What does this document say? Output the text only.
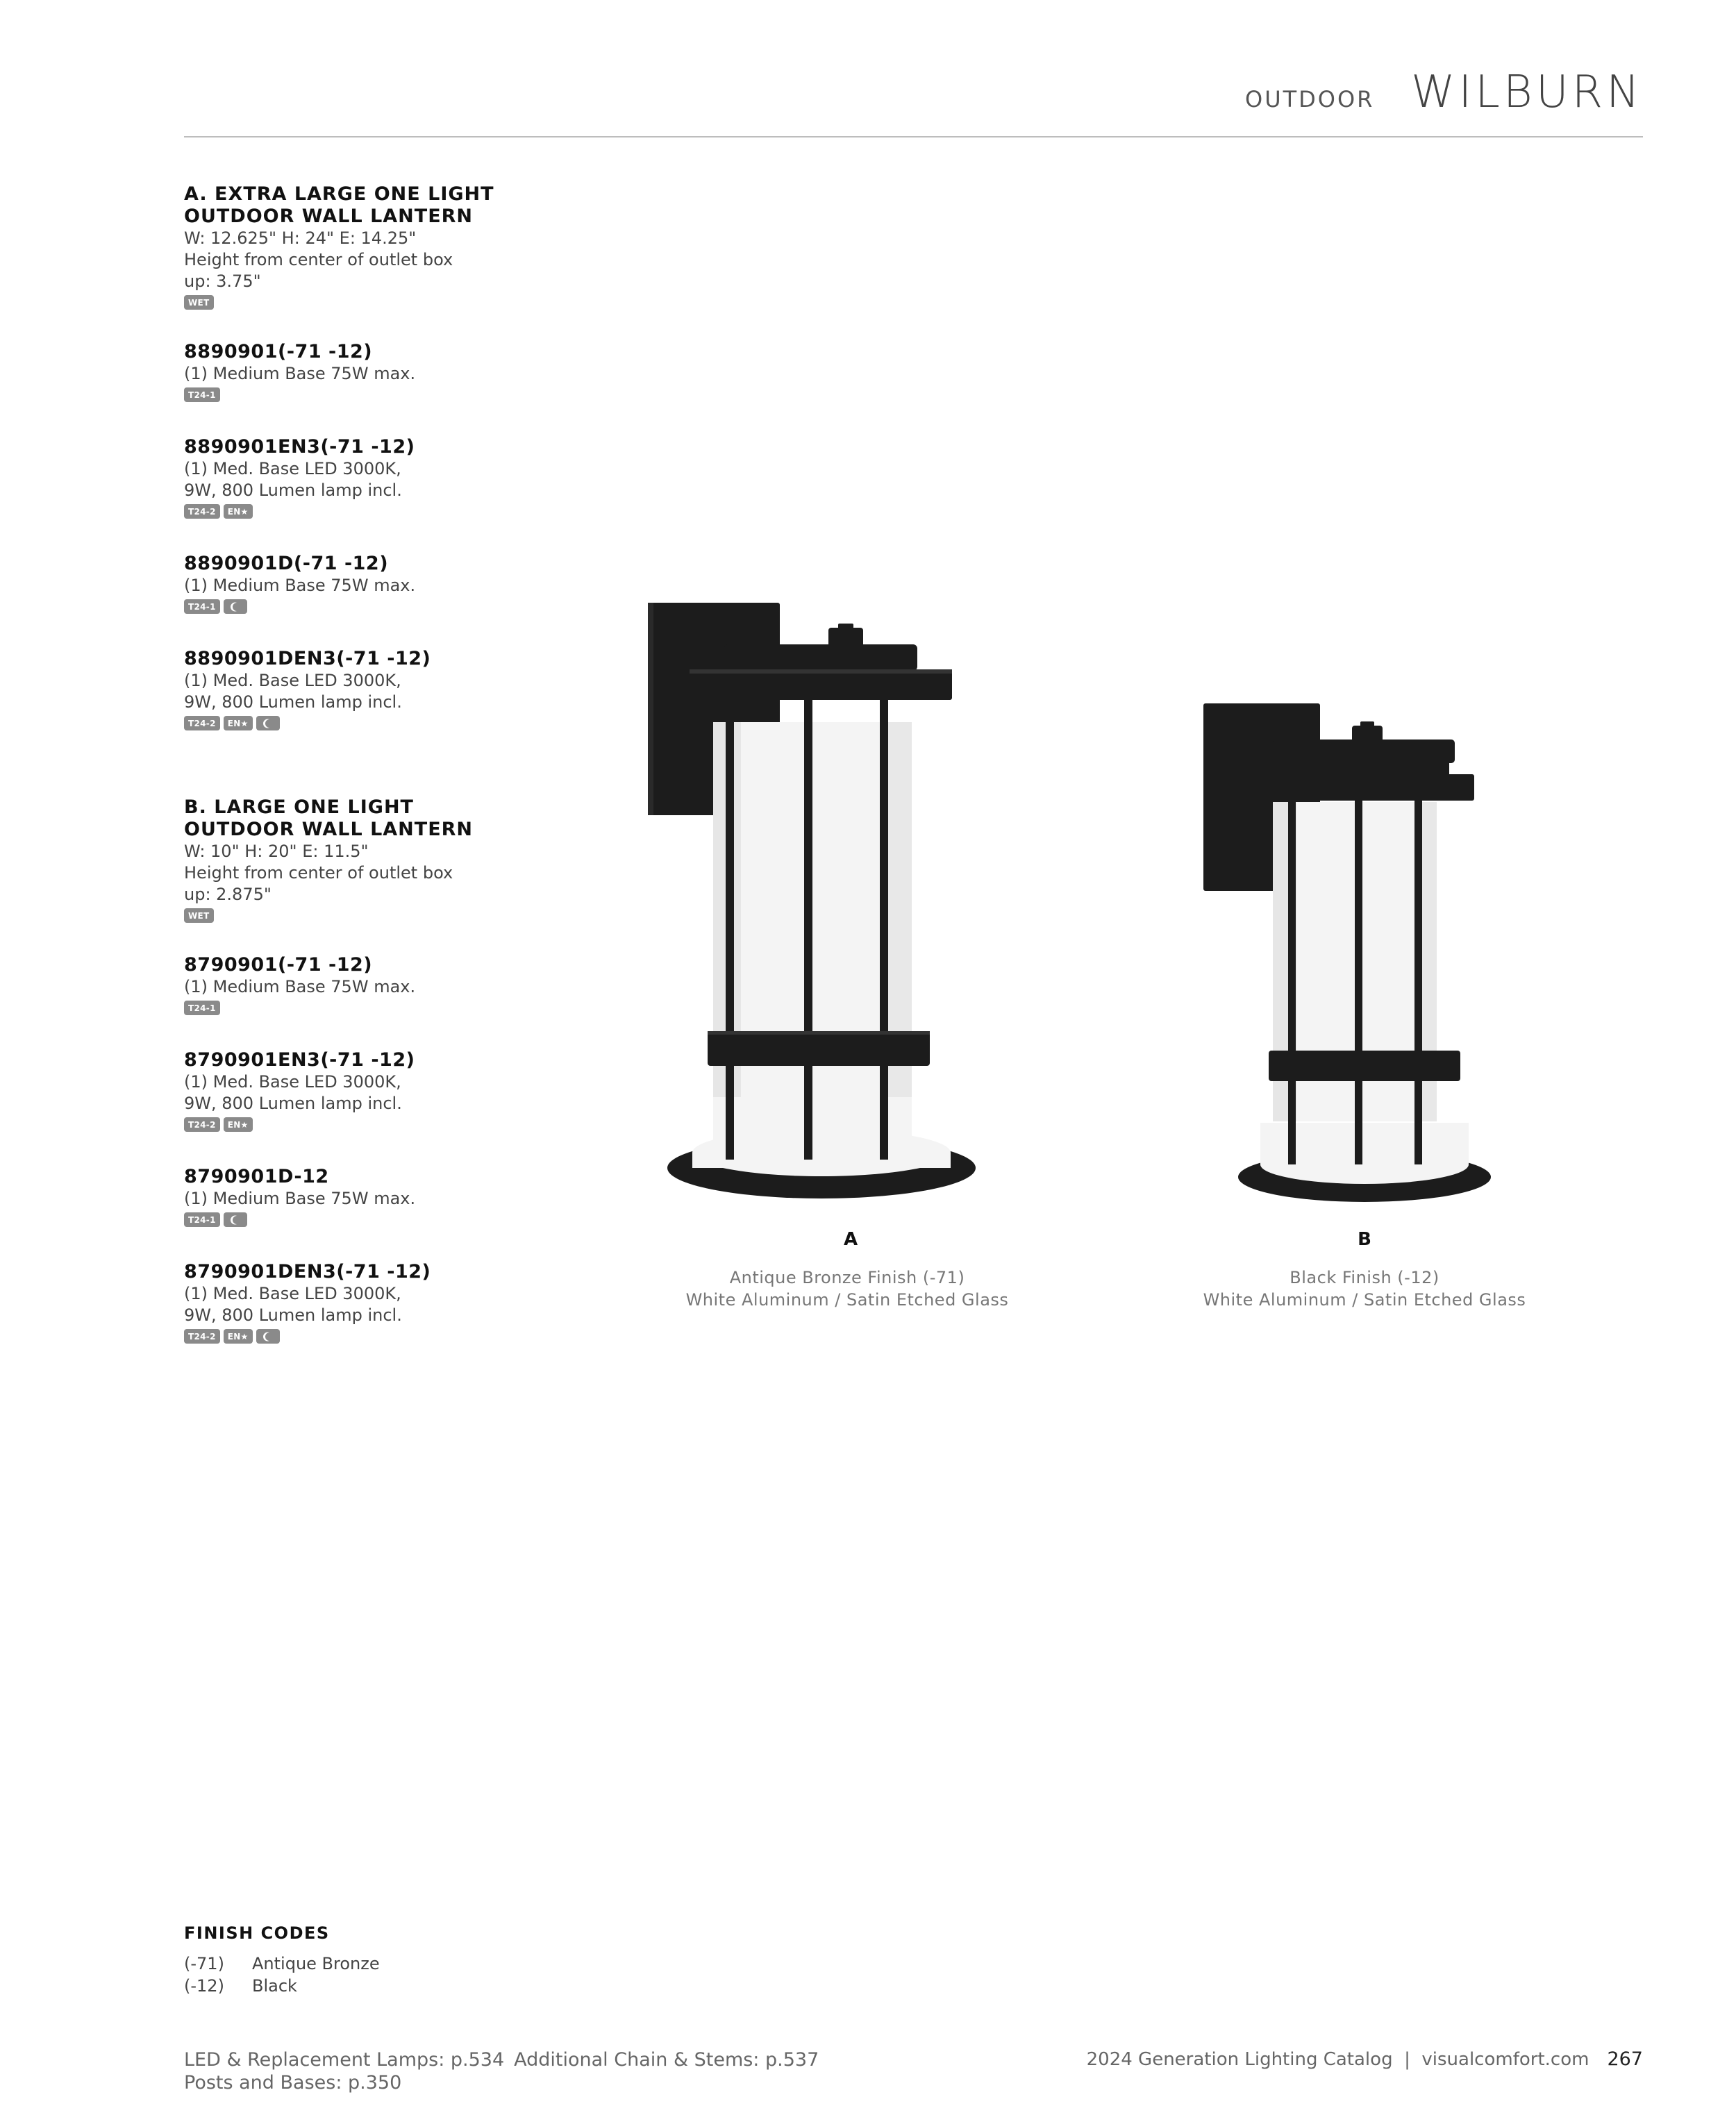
OUTDOOR WILBURN
A. EXTRA LARGE ONE LIGHT
OUTDOOR WALL LANTERN
W: 12.625" H: 24" E: 14.25"
Height from center of outlet box
up: 3.75"
WET
8890901(-71 -12)
(1) Medium Base 75W max.
T24-1
8890901EN3(-71 -12)
(1) Med. Base LED 3000K,
9W, 800 Lumen lamp incl.
T24-2	EN★
8890901D(-71 -12)
(1) Medium Base 75W max.
T24-1
8890901DEN3(-71 -12)
(1) Med. Base LED 3000K,
9W, 800 Lumen lamp incl.
T24-2	EN★
B. LARGE ONE LIGHT
OUTDOOR WALL LANTERN
W: 10" H: 20" E: 11.5"
Height from center of outlet box
up: 2.875"
WET
8790901(-71 -12)
(1) Medium Base 75W max.
T24-1
8790901EN3(-71 -12)
(1) Med. Base LED 3000K,
9W, 800 Lumen lamp incl.
T24-2	EN★
8790901D-12
(1) Medium Base 75W max.
T24-1
8790901DEN3(-71 -12)
(1) Med. Base LED 3000K,
9W, 800 Lumen lamp incl.
T24-2	EN★
A
Antique Bronze Finish (-71)
White Aluminum / Satin Etched Glass
B
Black Finish (-12)
White Aluminum / Satin Etched Glass
FINISH CODES
(-71) Antique Bronze
(-12) Black
LED & Replacement Lamps: p.534 Additional Chain & Stems: p.537
Posts and Bases: p.350
2024 Generation Lighting Catalog  |  visualcomfort.com 267
